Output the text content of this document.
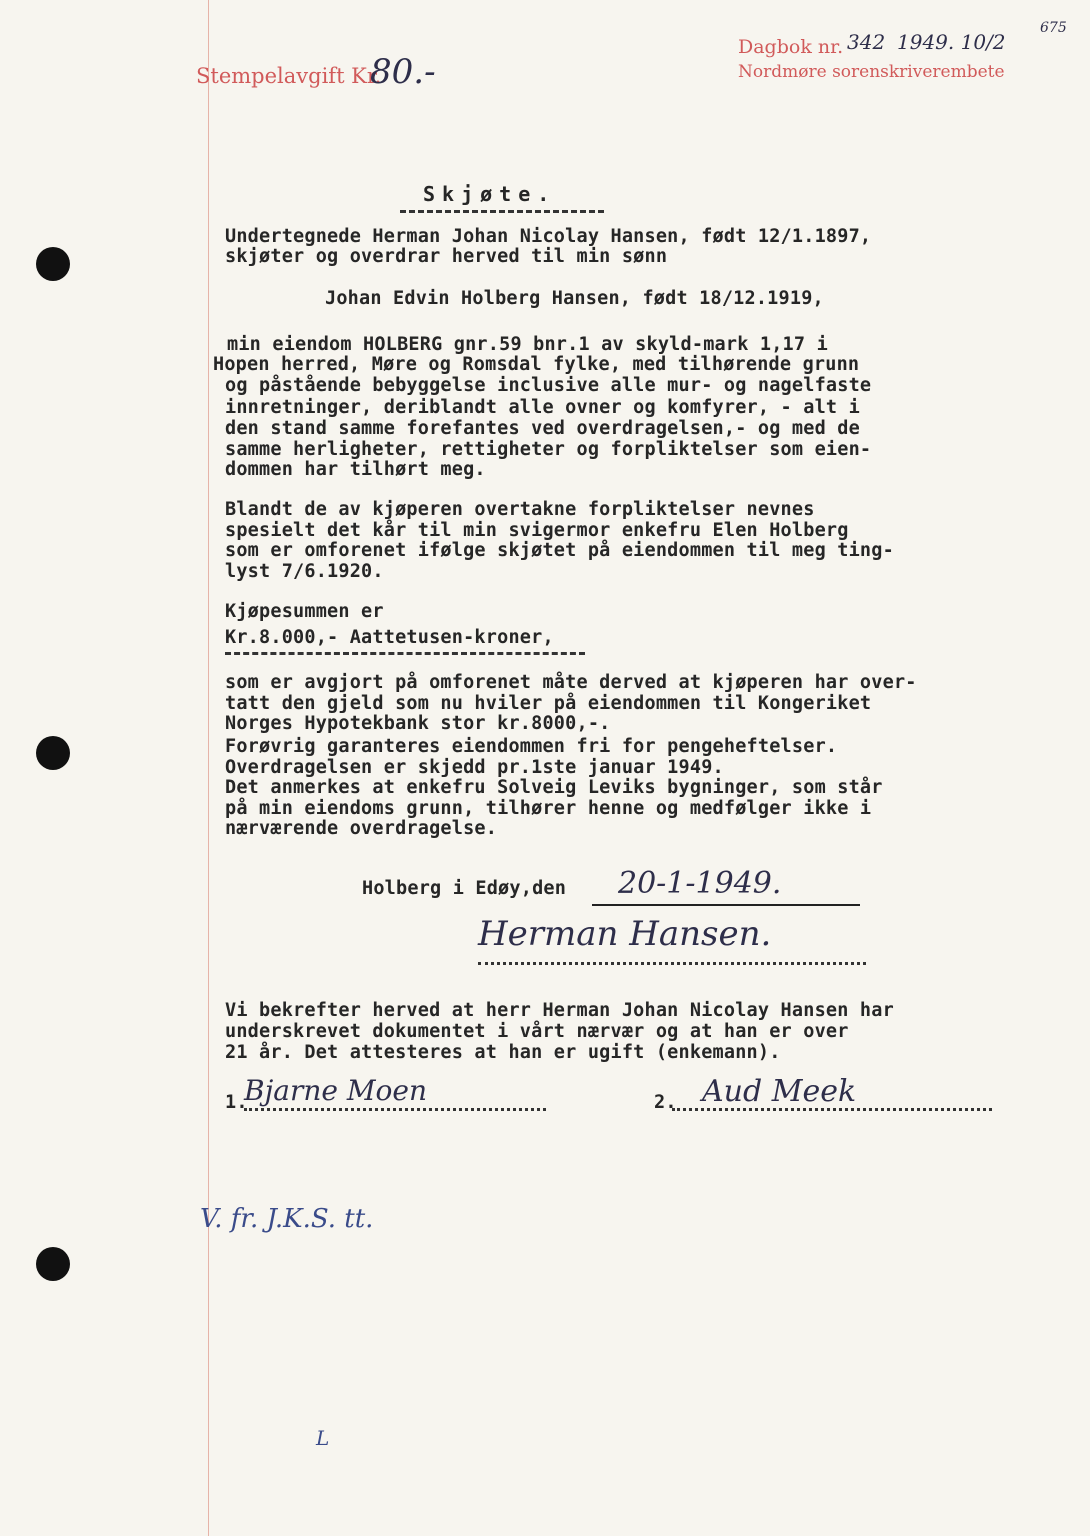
Stempelavgift Kr.
80.-
Dagbok nr. 342 1949. 10/2
675
Nordmøre sorenskriverembete
Skjøte.
Undertegnede Herman Johan Nicolay Hansen, født 12/1.1897,
skjøter og overdrar herved til min sønn
Johan Edvin Holberg Hansen, født 18/12.1919,
min eiendom HOLBERG gnr.59 bnr.1 av skyld-mark 1,17 i
Hopen herred, Møre og Romsdal fylke, med tilhørende grunn
og påstående bebyggelse inclusive alle mur- og nagelfaste
innretninger, deriblandt alle ovner og komfyrer, - alt i
den stand samme forefantes ved overdragelsen,- og med de
samme herligheter, rettigheter og forpliktelser som eien-
dommen har tilhørt meg.
Blandt de av kjøperen overtakne forpliktelser nevnes
spesielt det kår til min svigermor enkefru Elen Holberg
som er omforenet ifølge skjøtet på eiendommen til meg ting-
lyst 7/6.1920.
Kjøpesummen er
Kr.8.000,- Aattetusen-kroner,
som er avgjort på omforenet måte derved at kjøperen har over-
tatt den gjeld som nu hviler på eiendommen til Kongeriket
Norges Hypotekbank stor kr.8000,-.
Forøvrig garanteres eiendommen fri for pengeheftelser.
Overdragelsen er skjedd pr.1ste januar 1949.
Det anmerkes at enkefru Solveig Leviks bygninger, som står
på min eiendoms grunn, tilhører henne og medfølger ikke i
nærværende overdragelse.
Holberg i Edøy,den 20-1-1949.
Herman Hansen.
Vi bekrefter herved at herr Herman Johan Nicolay Hansen har
underskrevet dokumentet i vårt nærvær og at han er over
21 år. Det attesteres at han er ugift (enkemann).
1.
Bjarne Moen	2. Aud Meek
V. fr. J.K.S. tt.
L
